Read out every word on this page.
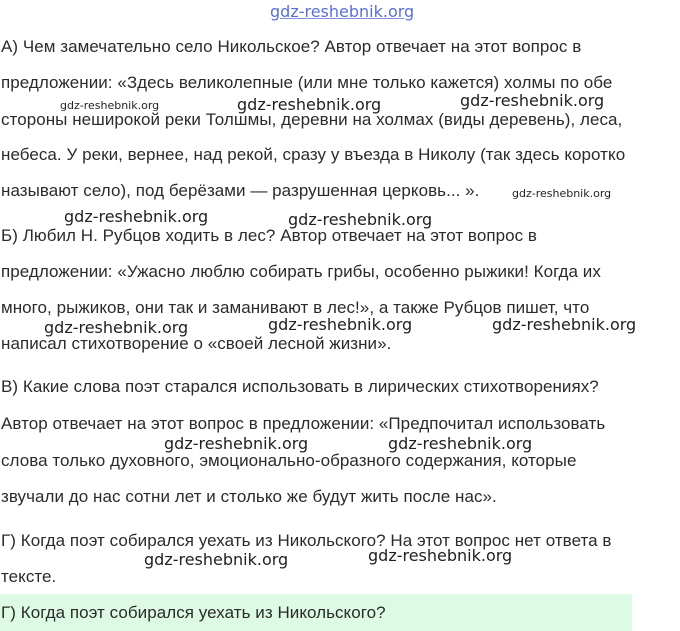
gdz-reshebnik.org
А) Чем замечательно село Никольское? Автор отвечает на этот вопрос в
предложении: «Здесь великолепные (или мне только кажется) холмы по обе
стороны неширокой реки Толшмы, деревни на холмах (виды деревень), леса,
небеса. У реки, вернее, над рекой, сразу у въезда в Николу (так здесь коротко
называют село), под берёзами — разрушенная церковь... ».
Б) Любил Н. Рубцов ходить в лес? Автор отвечает на этот вопрос в
предложении: «Ужасно люблю собирать грибы, особенно рыжики! Когда их
много, рыжиков, они так и заманивают в лес!», а также Рубцов пишет, что
написал стихотворение о «своей лесной жизни».
В) Какие слова поэт старался использовать в лирических стихотворениях?
Автор отвечает на этот вопрос в предложении: «Предпочитал использовать
слова только духовного, эмоционально-образного содержания, которые
звучали до нас сотни лет и столько же будут жить после нас».
Г) Когда поэт собирался уехать из Никольского? На этот вопрос нет ответа в
тексте.
Г) Когда поэт собирался уехать из Никольского?
gdz-reshebnik.org	gdz-reshebnik.org	gdz-reshebnik.org
gdz-reshebnik.org
gdz-reshebnik.org	gdz-reshebnik.org
gdz-reshebnik.org	gdz-reshebnik.org	gdz-reshebnik.org
gdz-reshebnik.org	gdz-reshebnik.org
gdz-reshebnik.org	gdz-reshebnik.org
